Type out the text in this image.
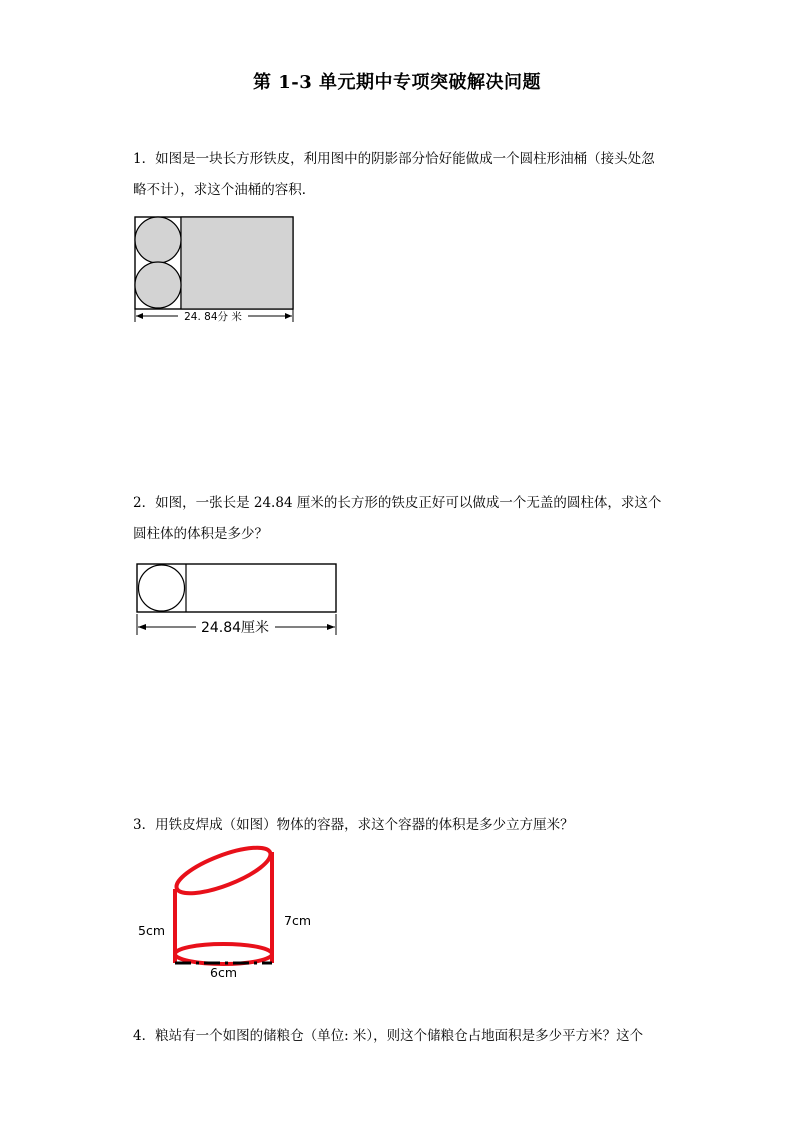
第 1-3 单元期中专项突破解决问题
1．如图是一块长方形铁皮，利用图中的阴影部分恰好能做成一个圆柱形油桶（接头处忽略不计），求这个油桶的容积．
24. 84分 米
2．如图，一张长是 24.84 厘米的长方形的铁皮正好可以做成一个无盖的圆柱体，求这个圆柱体的体积是多少？
24.84厘米
3．用铁皮焊成（如图）物体的容器，求这个容器的体积是多少立方厘米？
5cm
7cm
6cm
4．粮站有一个如图的储粮仓（单位: 米），则这个储粮仓占地面积是多少平方米？这个
